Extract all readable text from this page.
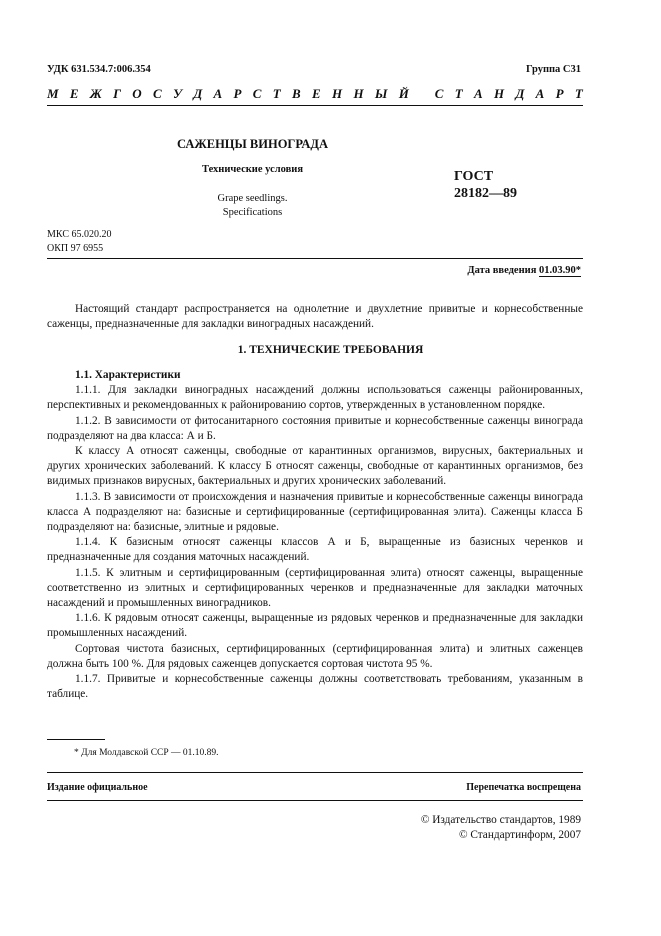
УДК 631.534.7:006.354	Группа С31
М Е Ж Г О С У Д А Р С Т В Е Н Н Ы Й
С Т А Н Д А Р Т
САЖЕНЦЫ ВИНОГРАДА
Технические условия
Grape seedlings.
Specifications
ГОСТ
28182—89
МКС 65.020.20
ОКП 97 6955
Дата введения 01.03.90*

Настоящий стандарт распространяется на однолетние и двухлетние привитые и корнесобственные саженцы, предназначенные для закладки виноградных насаждений.

1. ТЕХНИЧЕСКИЕ ТРЕБОВАНИЯ

1.1. Характеристики

1.1.1. Для закладки виноградных насаждений должны использоваться саженцы районированных, перспективных и рекомендованных к районированию сортов, утвержденных в установленном порядке.

1.1.2. В зависимости от фитосанитарного состояния привитые и корнесобственные саженцы винограда подразделяют на два класса: А и Б.

К классу А относят саженцы, свободные от карантинных организмов, вирусных, бактериальных и других хронических заболеваний. К классу Б относят саженцы, свободные от карантинных организмов, без видимых признаков вирусных, бактериальных и других хронических заболеваний.

1.1.3. В зависимости от происхождения и назначения привитые и корнесобственные саженцы винограда класса А подразделяют на: базисные и сертифицированные (сертифицированная элита). Саженцы класса Б подразделяют на: базисные, элитные и рядовые.

1.1.4. К базисным относят саженцы классов А и Б, выращенные из базисных черенков и предназначенные для создания маточных насаждений.

1.1.5. К элитным и сертифицированным (сертифицированная элита) относят саженцы, выращенные соответственно из элитных и сертифицированных черенков и предназначенные для закладки маточных насаждений и промышленных виноградников.

1.1.6. К рядовым относят саженцы, выращенные из рядовых черенков и предназначенные для закладки промышленных насаждений.

Сортовая чистота базисных, сертифицированных (сертифицированная элита) и элитных саженцев должна быть 100 %. Для рядовых саженцев допускается сортовая чистота 95 %.

1.1.7. Привитые и корнесобственные саженцы должны соответствовать требованиям, указанным в таблице.

* Для Молдавской ССР — 01.10.89.
Издание официальное	Перепечатка воспрещена
© Издательство стандартов, 1989
© Стандартинформ, 2007
